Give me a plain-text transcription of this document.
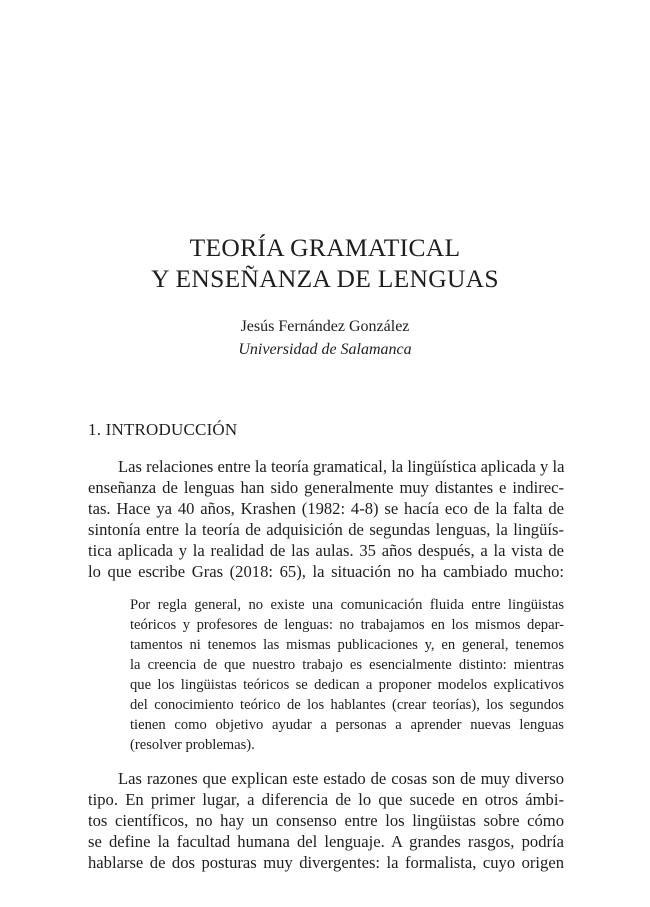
TEORÍA GRAMATICAL
Y ENSEÑANZA DE LENGUAS
Jesús Fernández González
Universidad de Salamanca
1. INTRODUCCIÓN
Las relaciones entre la teoría gramatical, la lingüística aplicada y la
enseñanza de lenguas han sido generalmente muy distantes e indirec-
tas. Hace ya 40 años, Krashen (1982: 4-8) se hacía eco de la falta de
sintonía entre la teoría de adquisición de segundas lenguas, la lingüís-
tica aplicada y la realidad de las aulas. 35 años después, a la vista de
lo que escribe Gras (2018: 65), la situación no ha cambiado mucho:
Por regla general, no existe una comunicación fluida entre lingüistas
teóricos y profesores de lenguas: no trabajamos en los mismos depar-
tamentos ni tenemos las mismas publicaciones y, en general, tenemos
la creencia de que nuestro trabajo es esencialmente distinto: mientras
que los lingüistas teóricos se dedican a proponer modelos explicativos
del conocimiento teórico de los hablantes (crear teorías), los segundos
tienen como objetivo ayudar a personas a aprender nuevas lenguas
(resolver problemas).
Las razones que explican este estado de cosas son de muy diverso
tipo. En primer lugar, a diferencia de lo que sucede en otros ámbi-
tos científicos, no hay un consenso entre los lingüistas sobre cómo
se define la facultad humana del lenguaje. A grandes rasgos, podría
hablarse de dos posturas muy divergentes: la formalista, cuyo origen
